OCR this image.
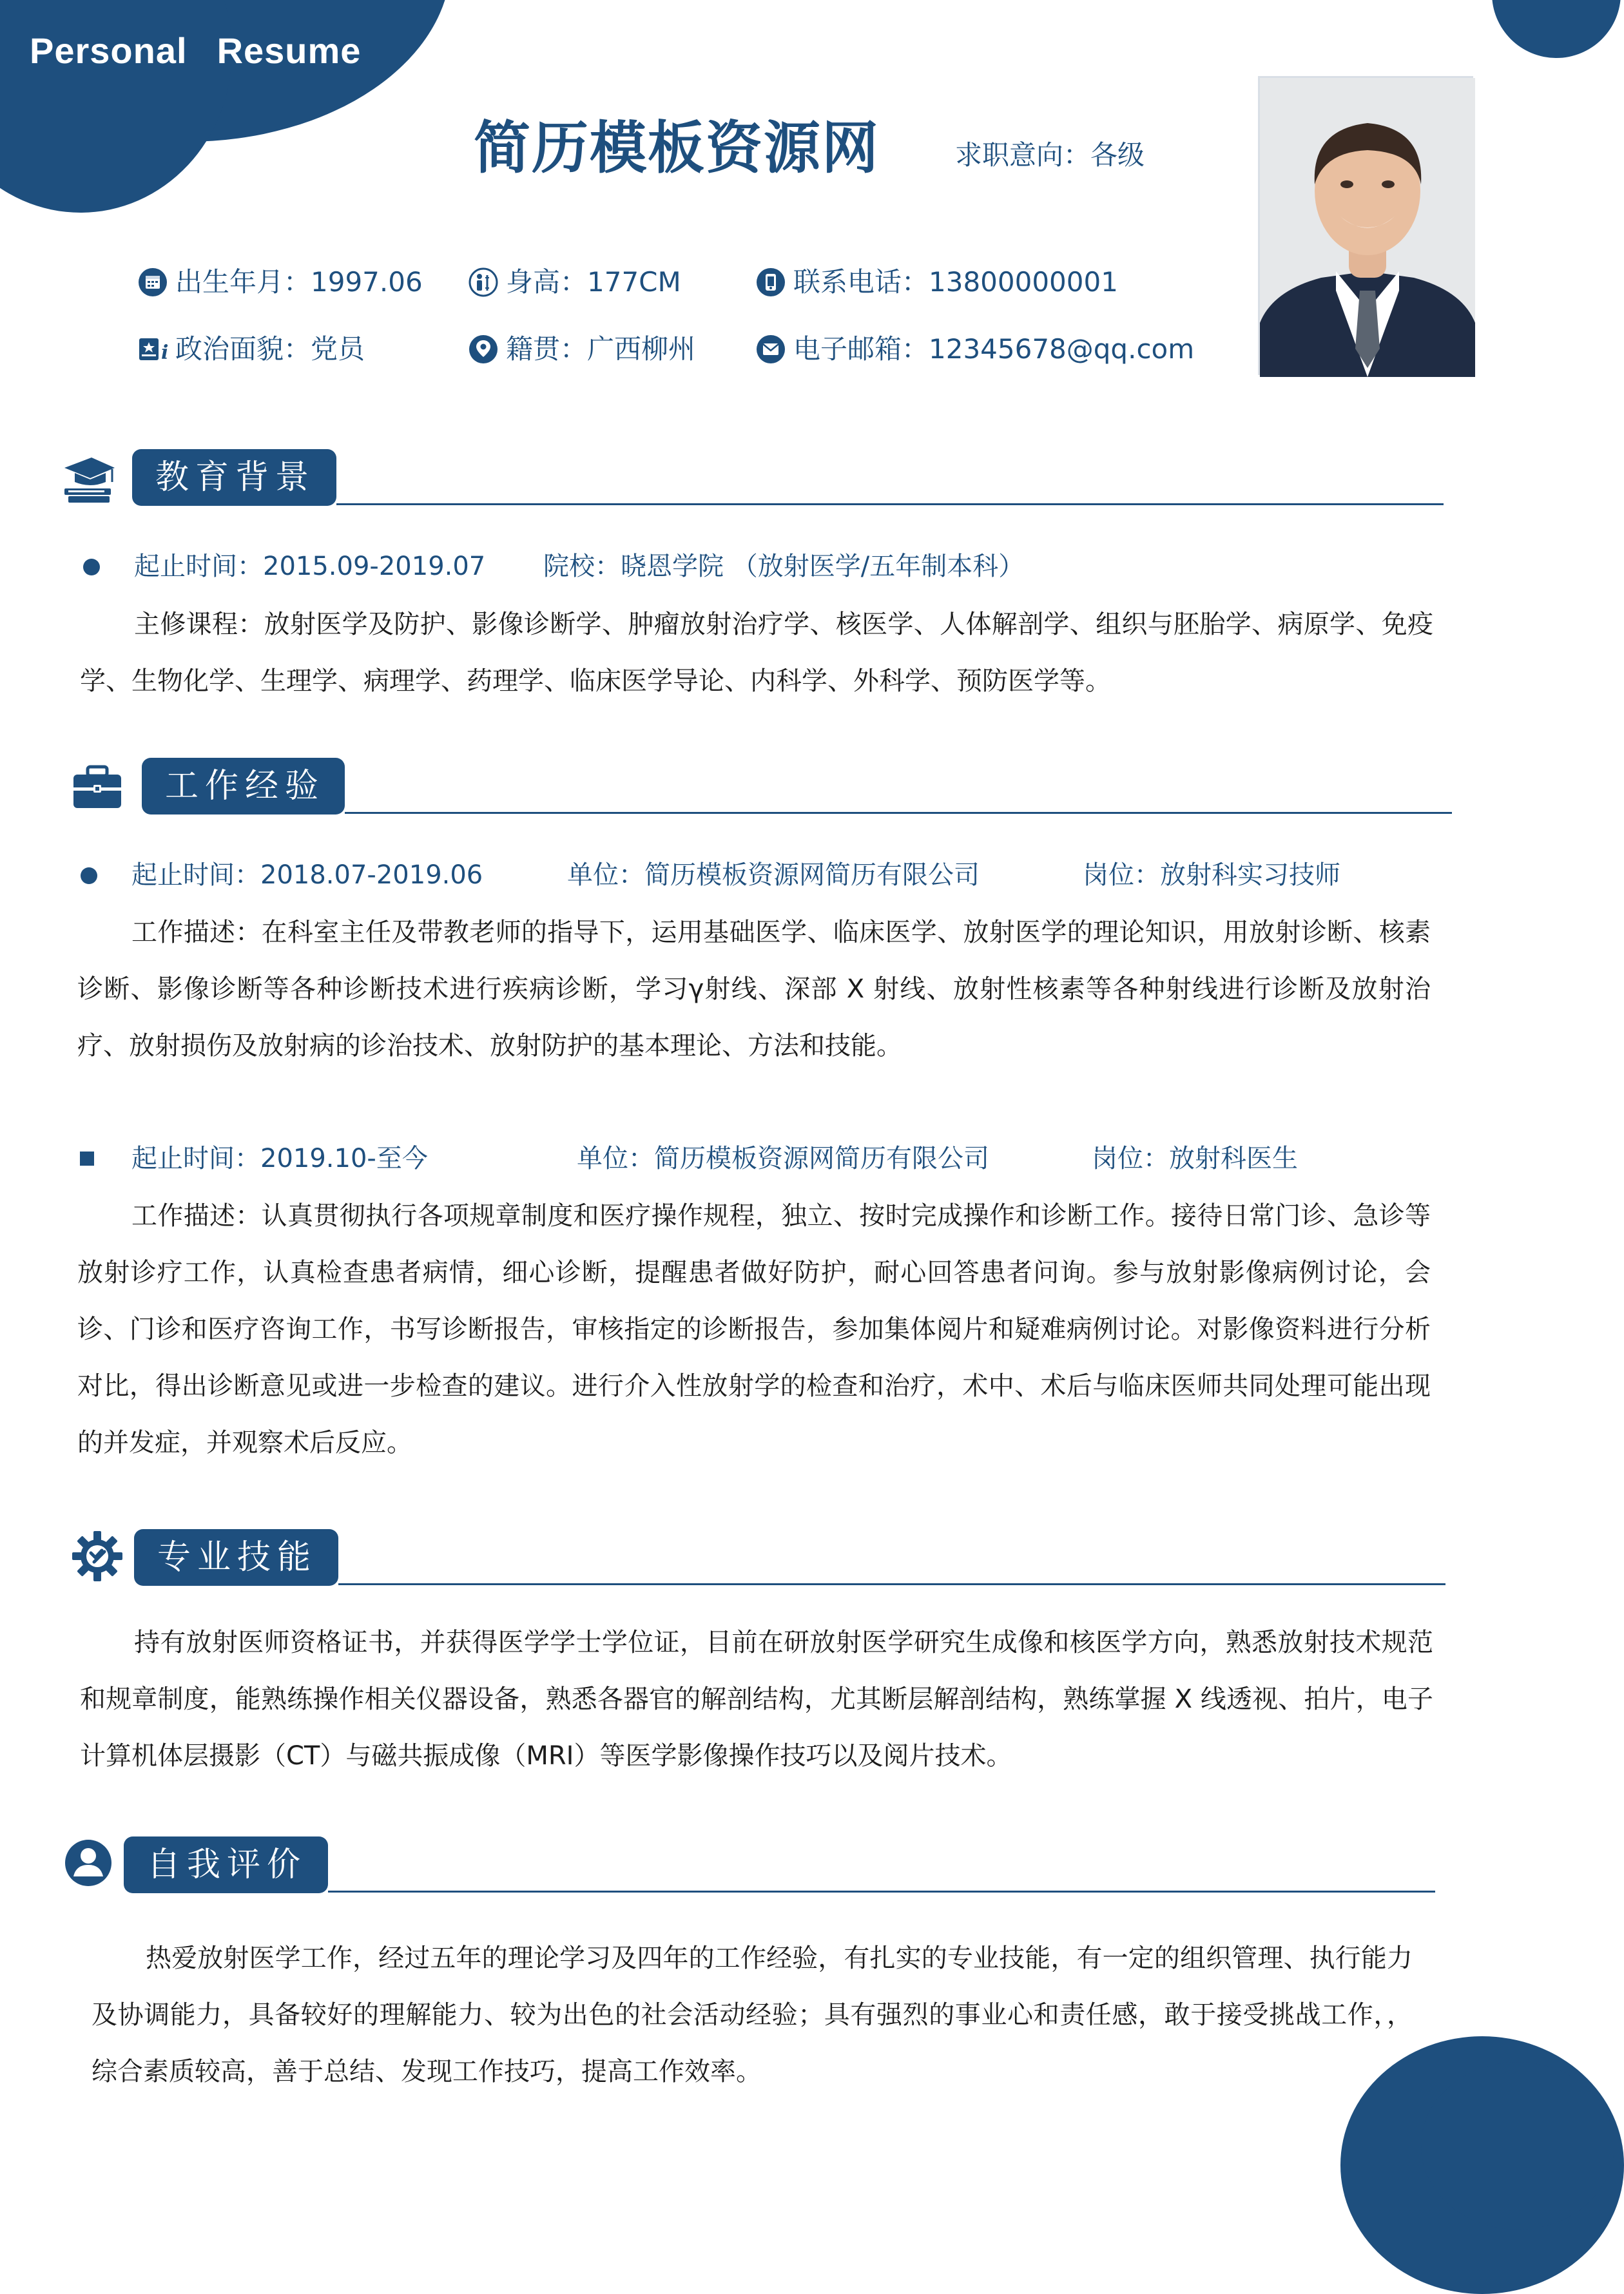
Personal Resume
简历模板资源网	求职意向：各级
出生年月：1997.06	身高：177CM	联系电话：13800000001
i 政治面貌：党员	籍贯：广西柳州	电子邮箱：12345678@qq.com
教育背景
起止时间：2015.09-2019.07 院校：晓恩学院 （放射医学/五年制本科）
主修课程：放射医学及防护、影像诊断学、肿瘤放射治疗学、核医学、人体解剖学、组织与胚胎学、病原学、免疫学、生物化学、生理学、病理学、药理学、临床医学导论、内科学、外科学、预防医学等。
工作经验
起止时间：2018.07-2019.06	单位：简历模板资源网简历有限公司	岗位：放射科实习技师
工作描述：在科室主任及带教老师的指导下，运用基础医学、临床医学、放射医学的理论知识，用放射诊断、核素诊断、影像诊断等各种诊断技术进行疾病诊断，学习γ射线、深部 X 射线、放射性核素等各种射线进行诊断及放射治疗、放射损伤及放射病的诊治技术、放射防护的基本理论、方法和技能。
起止时间：2019.10-至今	单位：简历模板资源网简历有限公司	岗位：放射科医生
工作描述：认真贯彻执行各项规章制度和医疗操作规程，独立、按时完成操作和诊断工作。接待日常门诊、急诊等放射诊疗工作，认真检查患者病情，细心诊断，提醒患者做好防护，耐心回答患者问询。参与放射影像病例讨论，会诊、门诊和医疗咨询工作，书写诊断报告，审核指定的诊断报告，参加集体阅片和疑难病例讨论。对影像资料进行分析对比，得出诊断意见或进一步检查的建议。进行介入性放射学的检查和治疗，术中、术后与临床医师共同处理可能出现的并发症，并观察术后反应。
专业技能
持有放射医师资格证书，并获得医学学士学位证，目前在研放射医学研究生成像和核医学方向，熟悉放射技术规范和规章制度，能熟练操作相关仪器设备，熟悉各器官的解剖结构，尤其断层解剖结构，熟练掌握 X 线透视、拍片，电子计算机体层摄影（CT）与磁共振成像（MRI）等医学影像操作技巧以及阅片技术。
自我评价
热爱放射医学工作，经过五年的理论学习及四年的工作经验，有扎实的专业技能，有一定的组织管理、执行能力及协调能力，具备较好的理解能力、较为出色的社会活动经验；具有强烈的事业心和责任感，敢于接受挑战工作，，综合素质较高，善于总结、发现工作技巧，提高工作效率。
